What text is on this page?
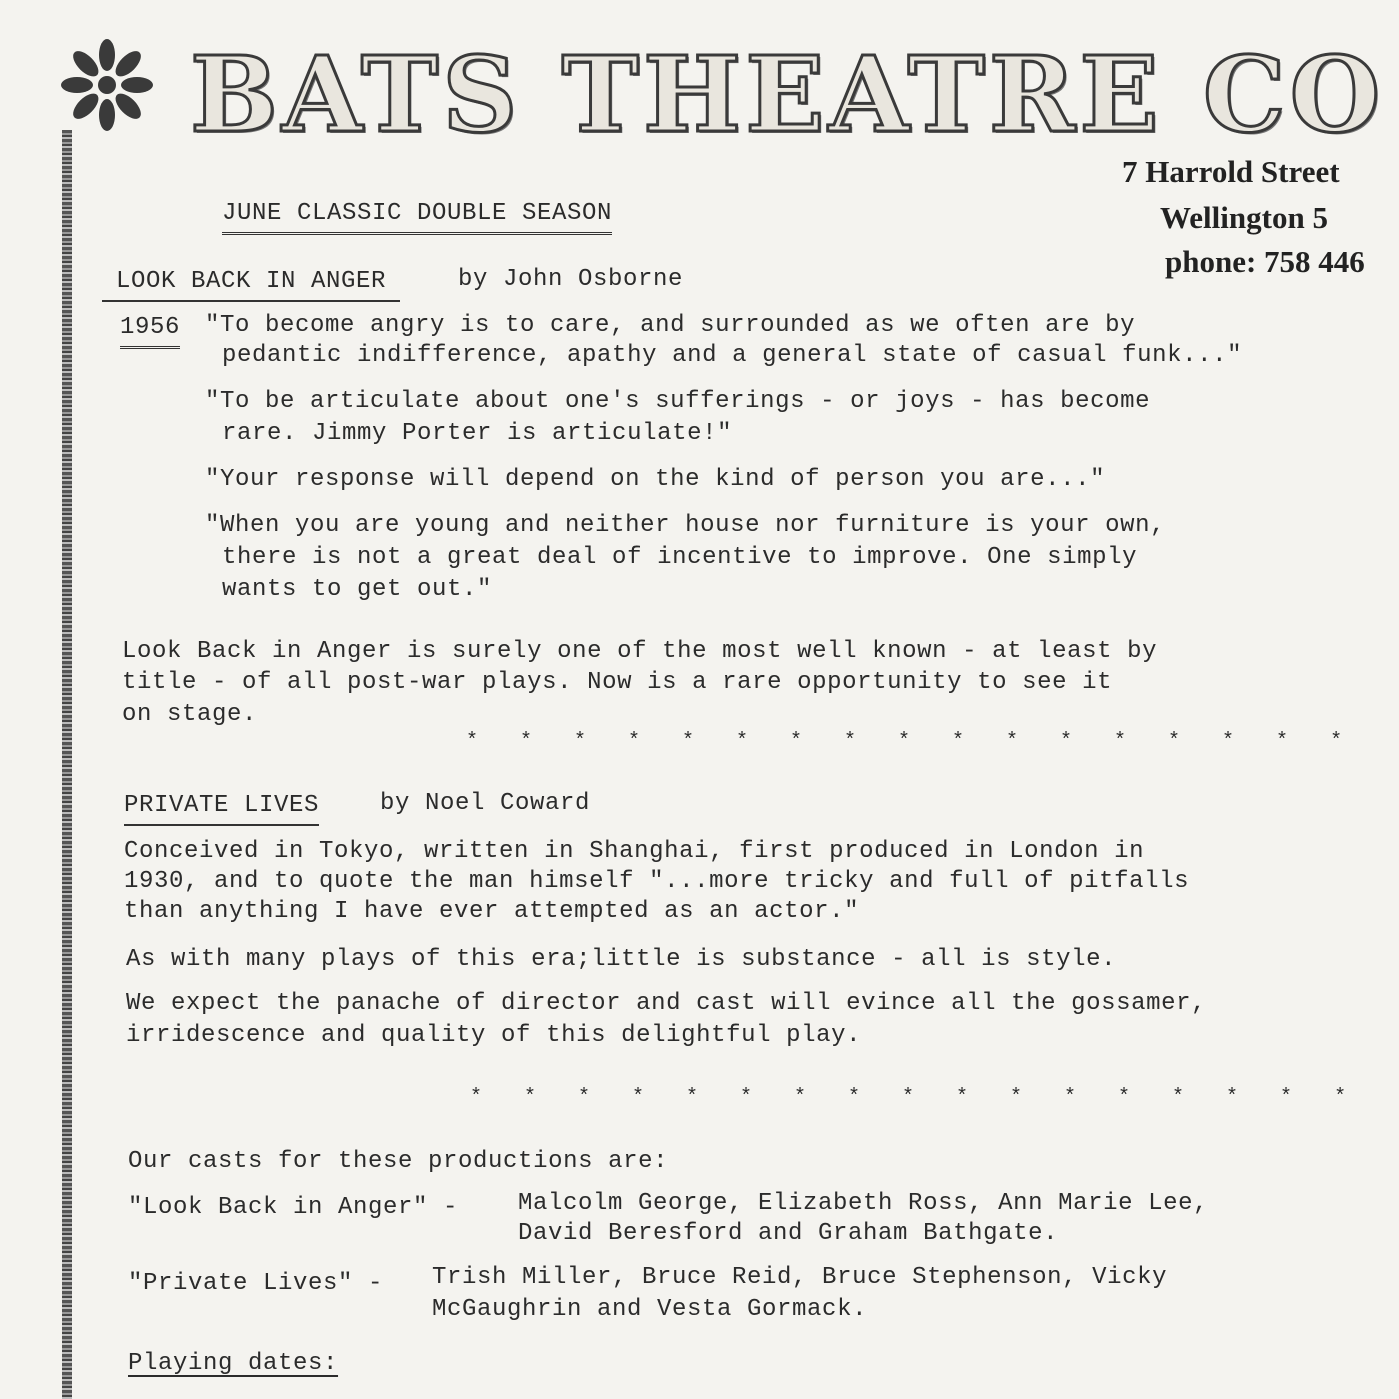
BATS THEATRE CO
7 Harrold Street
Wellington 5
phone: 758 446
JUNE CLASSIC DOUBLE SEASON
LOOK BACK IN ANGER	by John Osborne
1956 "To become angry is to care, and surrounded as we often are by
pedantic indifference, apathy and a general state of casual funk..."
"To be articulate about one's sufferings - or joys - has become
rare. Jimmy Porter is articulate!"
"Your response will depend on the kind of person you are..."
"When you are young and neither house nor furniture is your own,
there is not a great deal of incentive to improve. One simply
wants to get out."
Look Back in Anger is surely one of the most well known - at least by
title - of all post-war plays. Now is a rare opportunity to see it
on stage.
* * * * * * * * * * * * * * * * *
PRIVATE LIVES	by Noel Coward
Conceived in Tokyo, written in Shanghai, first produced in London in
1930, and to quote the man himself "...more tricky and full of pitfalls
than anything I have ever attempted as an actor."
As with many plays of this era;little is substance - all is style.
We expect the panache of director and cast will evince all the gossamer,
irridescence and quality of this delightful play.
* * * * * * * * * * * * * * * * *
Our casts for these productions are:
"Look Back in Anger" - Malcolm George, Elizabeth Ross, Ann Marie Lee,
David Beresford and Graham Bathgate.
"Private Lives" - Trish Miller, Bruce Reid, Bruce Stephenson, Vicky
McGaughrin and Vesta Gormack.
Playing dates:
